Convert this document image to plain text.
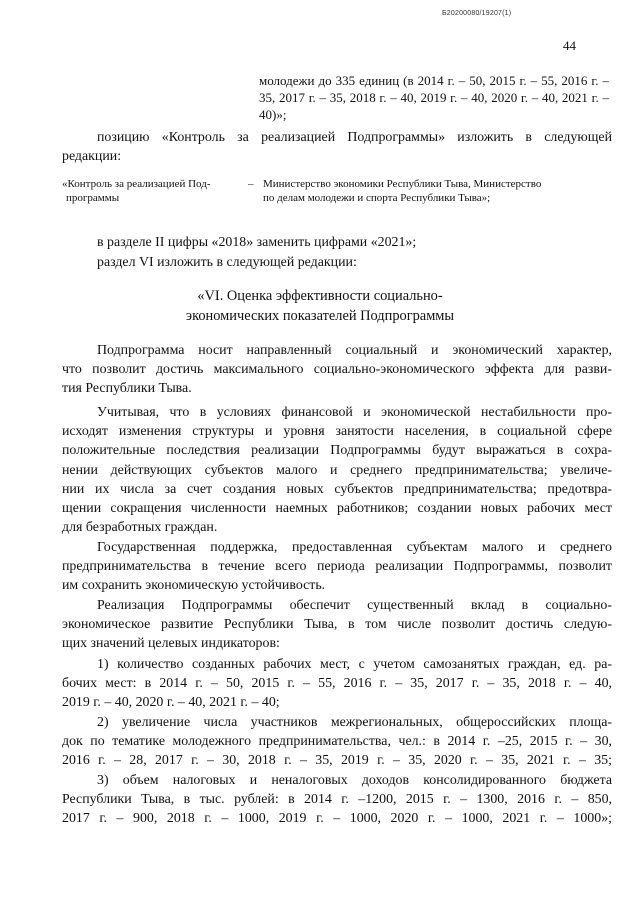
Б20200080/19207(1)
44
молодежи до 335 единиц (в 2014 г. – 50, 2015 г. – 55, 2016 г. –
35, 2017 г. – 35, 2018 г. – 40, 2019 г. – 40, 2020 г. – 40, 2021 г. –
40)»;
позицию «Контроль за реализацией Подпрограммы» изложить в следующей
редакции:
«Контроль за реализацией Под-
программы
– Министерство экономики Республики Тыва, Министерство
по делам молодежи и спорта Республики Тыва»;
в разделе II цифры «2018» заменить цифрами «2021»;
раздел VI изложить в следующей редакции:
«VI. Оценка эффективности социально-
экономических показателей Подпрограммы
Подпрограмма носит направленный социальный и экономический характер,
что позволит достичь максимального социально-экономического эффекта для разви-
тия Республики Тыва.
Учитывая, что в условиях финансовой и экономической нестабильности про-
исходят изменения структуры и уровня занятости населения, в социальной сфере
положительные последствия реализации Подпрограммы будут выражаться в сохра-
нении действующих субъектов малого и среднего предпринимательства; увеличе-
нии их числа за счет создания новых субъектов предпринимательства; предотвра-
щении сокращения численности наемных работников; создании новых рабочих мест
для безработных граждан.
Государственная поддержка, предоставленная субъектам малого и среднего
предпринимательства в течение всего периода реализации Подпрограммы, позволит
им сохранить экономическую устойчивость.
Реализация Подпрограммы обеспечит существенный вклад в социально-
экономическое развитие Республики Тыва, в том числе позволит достичь следую-
щих значений целевых индикаторов:
1) количество созданных рабочих мест, с учетом самозанятых граждан, ед. ра-
бочих мест: в 2014 г. – 50, 2015 г. – 55, 2016 г. – 35, 2017 г. – 35, 2018 г. – 40,
2019 г. – 40, 2020 г. – 40, 2021 г. – 40;
2) увеличение числа участников межрегиональных, общероссийских площа-
док по тематике молодежного предпринимательства, чел.: в 2014 г. –25, 2015 г. – 30,
2016 г. – 28, 2017 г. – 30, 2018 г. – 35, 2019 г. – 35, 2020 г. – 35, 2021 г. – 35;
3) объем налоговых и неналоговых доходов консолидированного бюджета
Республики Тыва, в тыс. рублей: в 2014 г. –1200, 2015 г. – 1300, 2016 г. – 850,
2017 г. – 900, 2018 г. – 1000, 2019 г. – 1000, 2020 г. – 1000, 2021 г. – 1000»;
